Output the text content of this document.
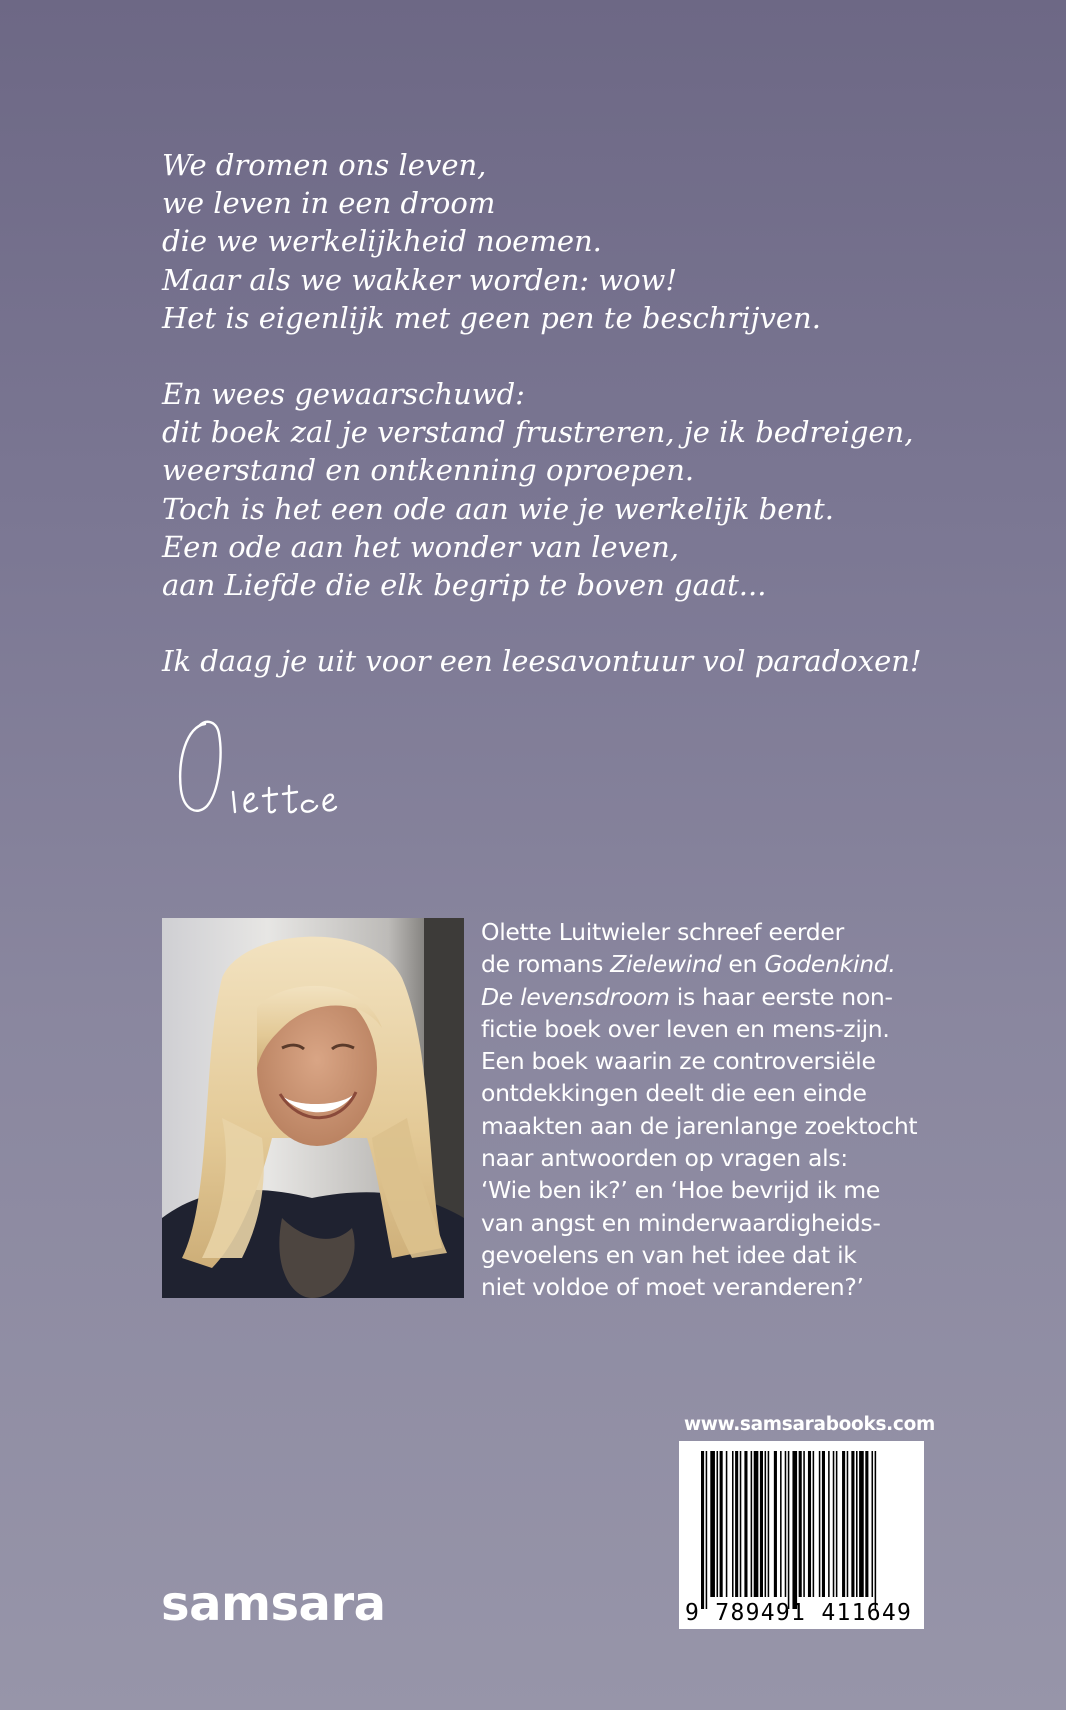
We dromen ons leven,
we leven in een droom
die we werkelijkheid noemen.
Maar als we wakker worden: wow!
Het is eigenlijk met geen pen te beschrijven.
En wees gewaarschuwd:
dit boek zal je verstand frustreren, je ik bedreigen,
weerstand en ontkenning oproepen.
Toch is het een ode aan wie je werkelijk bent.
Een ode aan het wonder van leven,
aan Liefde die elk begrip te boven gaat...
Ik daag je uit voor een leesavontuur vol paradoxen!
Olette Luitwieler schreef eerder
de romans Zielewind en Godenkind.
De levensdroom is haar eerste non-
fictie boek over leven en mens-zijn.
Een boek waarin ze controversiële
ontdekkingen deelt die een einde
maakten aan de jarenlange zoektocht
naar antwoorden op vragen als:
‘Wie ben ik?’ en ‘Hoe bevrijd ik me
van angst en minderwaardigheids-
gevoelens en van het idee dat ik
niet voldoe of moet veranderen?’
www.samsarabooks.com
9 789491 411649
samsara
